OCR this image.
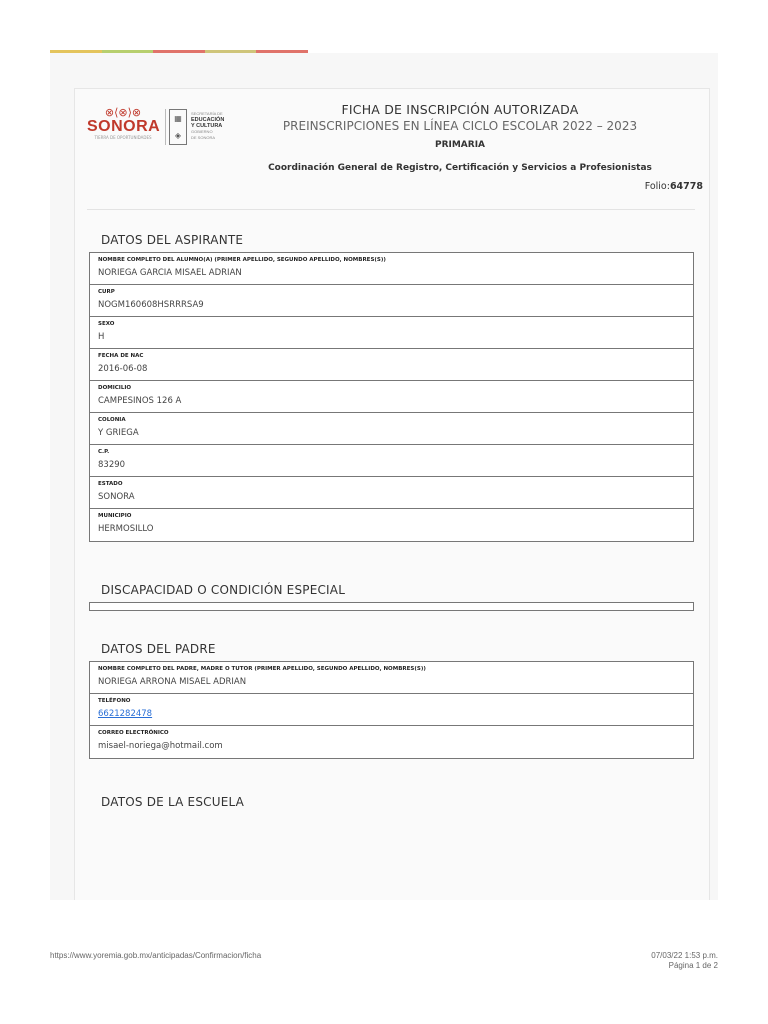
⊗⟨⊗⟩⊗
SONORA
TIERRA DE OPORTUNIDADES
▦
◈
SECRETARÍA DE
EDUCACIÓN
Y CULTURA
GOBIERNO
DE SONORA
FICHA DE INSCRIPCIÓN AUTORIZADA
PREINSCRIPCIONES EN LÍNEA CICLO ESCOLAR 2022 – 2023
PRIMARIA
Coordinación General de Registro, Certificación y Servicios a Profesionistas
Folio:64778
DATOS DEL ASPIRANTE
NOMBRE COMPLETO DEL ALUMNO(A) (PRIMER APELLIDO, SEGUNDO APELLIDO, NOMBRES(S))
NORIEGA GARCIA MISAEL ADRIAN
CURP
NOGM160608HSRRRSA9
SEXO
H
FECHA DE NAC
2016-06-08
DOMICILIO
CAMPESINOS 126 A
COLONIA
Y GRIEGA
C.P.
83290
ESTADO
SONORA
MUNICIPIO
HERMOSILLO
DISCAPACIDAD O CONDICIÓN ESPECIAL
DATOS DEL PADRE
NOMBRE COMPLETO DEL PADRE, MADRE O TUTOR (PRIMER APELLIDO, SEGUNDO APELLIDO, NOMBRES(S))
NORIEGA ARRONA MISAEL ADRIAN
TELÉFONO
6621282478
CORREO ELECTRÓNICO
misael-noriega@hotmail.com
DATOS DE LA ESCUELA
https://www.yoremia.gob.mx/anticipadas/Confirmacion/ficha	07/03/22 1:53 p.m.
Página 1 de 2
